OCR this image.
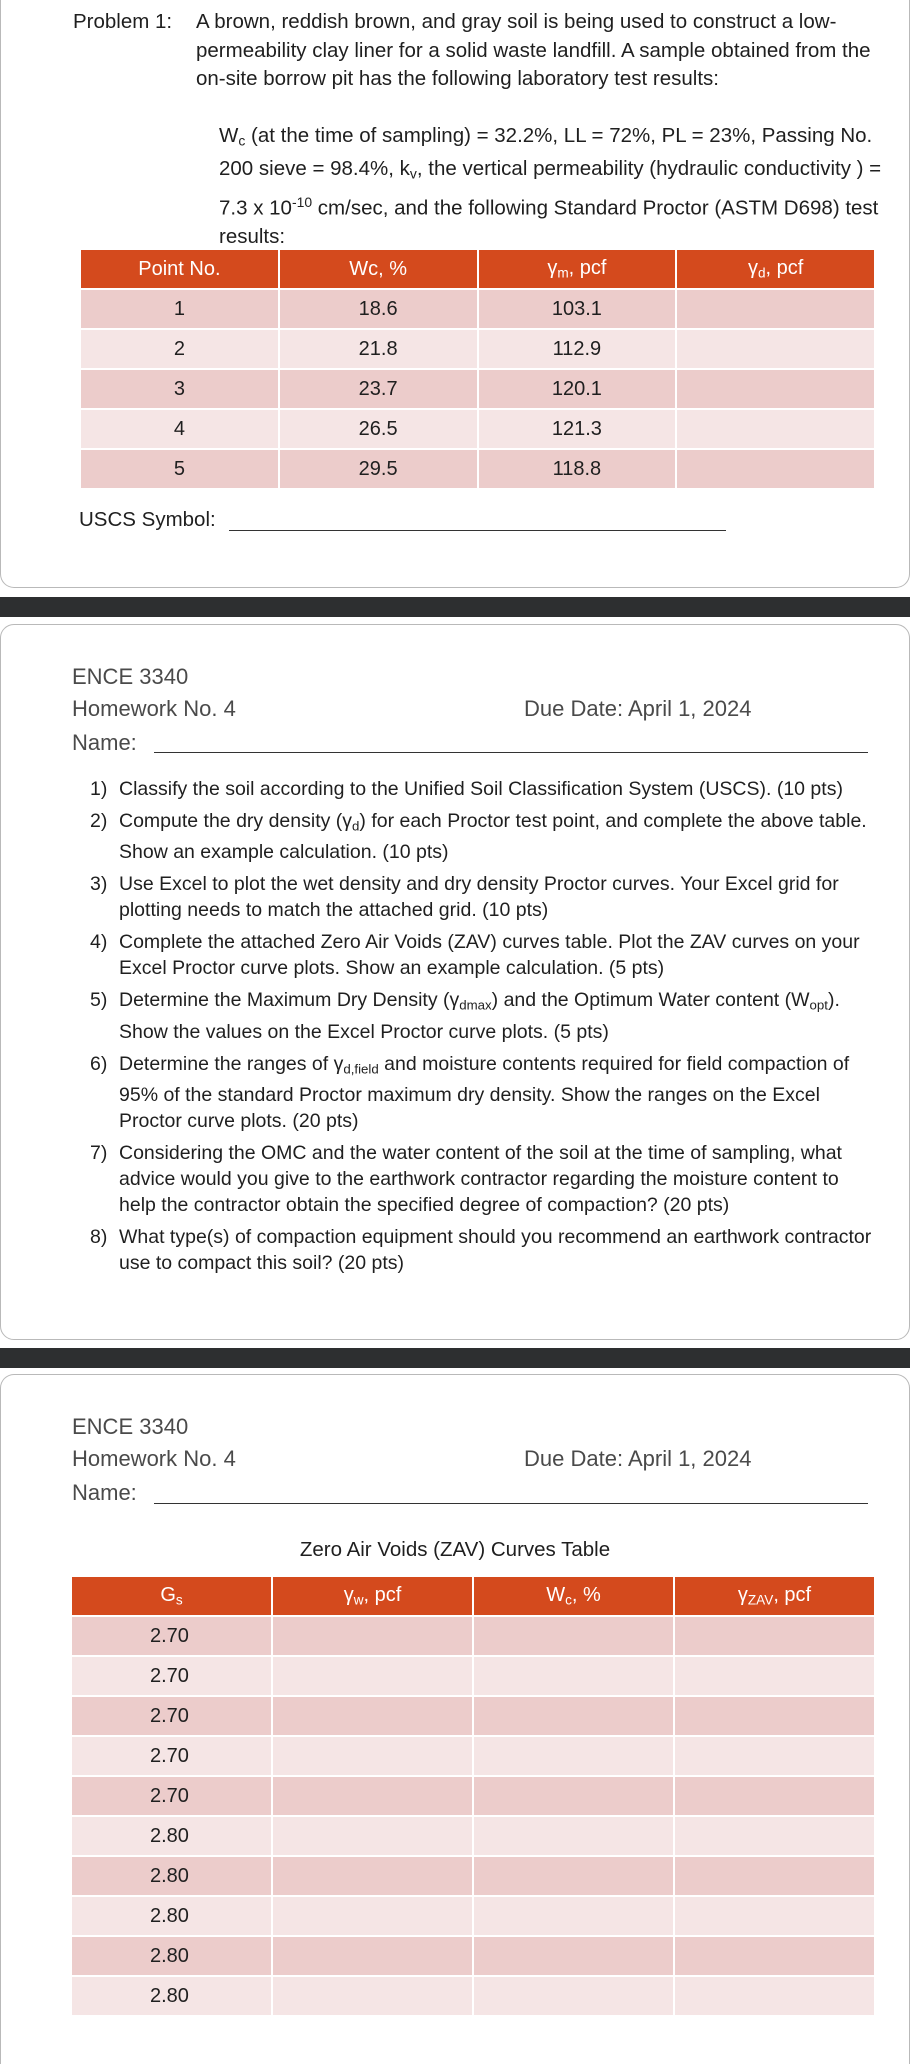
Problem 1: A brown, reddish brown, and gray soil is being used to construct a low-permeability clay liner for a solid waste landfill. A sample obtained from the on-site borrow pit has the following laboratory test results:
$W_c$ (at the time of sampling) = 32.2%, LL = 72%, PL = 23%, Passing No. 200 sieve = 98.4%, $k_v$, the vertical permeability (hydraulic conductivity ) = 7.3 x $10^{-10}$ cm/sec, and the following Standard Proctor (ASTM D698) test results:
Point No.	Wc, %	$\gamma_m$, pcf	$\gamma_d$, pcf
1	18.6	103.1	
2	21.8	112.9	
3	23.7	120.1	
4	26.5	121.3	
5	29.5	118.8	
USCS Symbol:
ENCE 3340
Homework No. 4	Due Date: April 1, 2024
Name:
1) Classify the soil according to the Unified Soil Classification System (USCS). (10 pts)
2) Compute the dry density $(\gamma_d)$ for each Proctor test point, and complete the above table. Show an example calculation. (10 pts)
3) Use Excel to plot the wet density and dry density Proctor curves. Your Excel grid for plotting needs to match the attached grid. (10 pts)
4) Complete the attached Zero Air Voids (ZAV) curves table. Plot the ZAV curves on your Excel Proctor curve plots. Show an example calculation. (5 pts)
5) Determine the Maximum Dry Density $(\gamma_{dmax})$ and the Optimum Water content $(W_{opt})$. Show the values on the Excel Proctor curve plots. (5 pts)
6) Determine the ranges of $\gamma_{d,field}$ and moisture contents required for field compaction of 95% of the standard Proctor maximum dry density. Show the ranges on the Excel Proctor curve plots. (20 pts)
7) Considering the OMC and the water content of the soil at the time of sampling, what advice would you give to the earthwork contractor regarding the moisture content to help the contractor obtain the specified degree of compaction? (20 pts)
8) What type(s) of compaction equipment should you recommend an earthwork contractor use to compact this soil? (20 pts)
ENCE 3340
Homework No. 4	Due Date: April 1, 2024
Name:
Zero Air Voids (ZAV) Curves Table
$G_s$	$\gamma_w$, pcf	$W_c$, %	$\gamma_{ZAV}$, pcf
2.70			
2.70			
2.70			
2.70			
2.70			
2.80			
2.80			
2.80			
2.80			
2.80			
